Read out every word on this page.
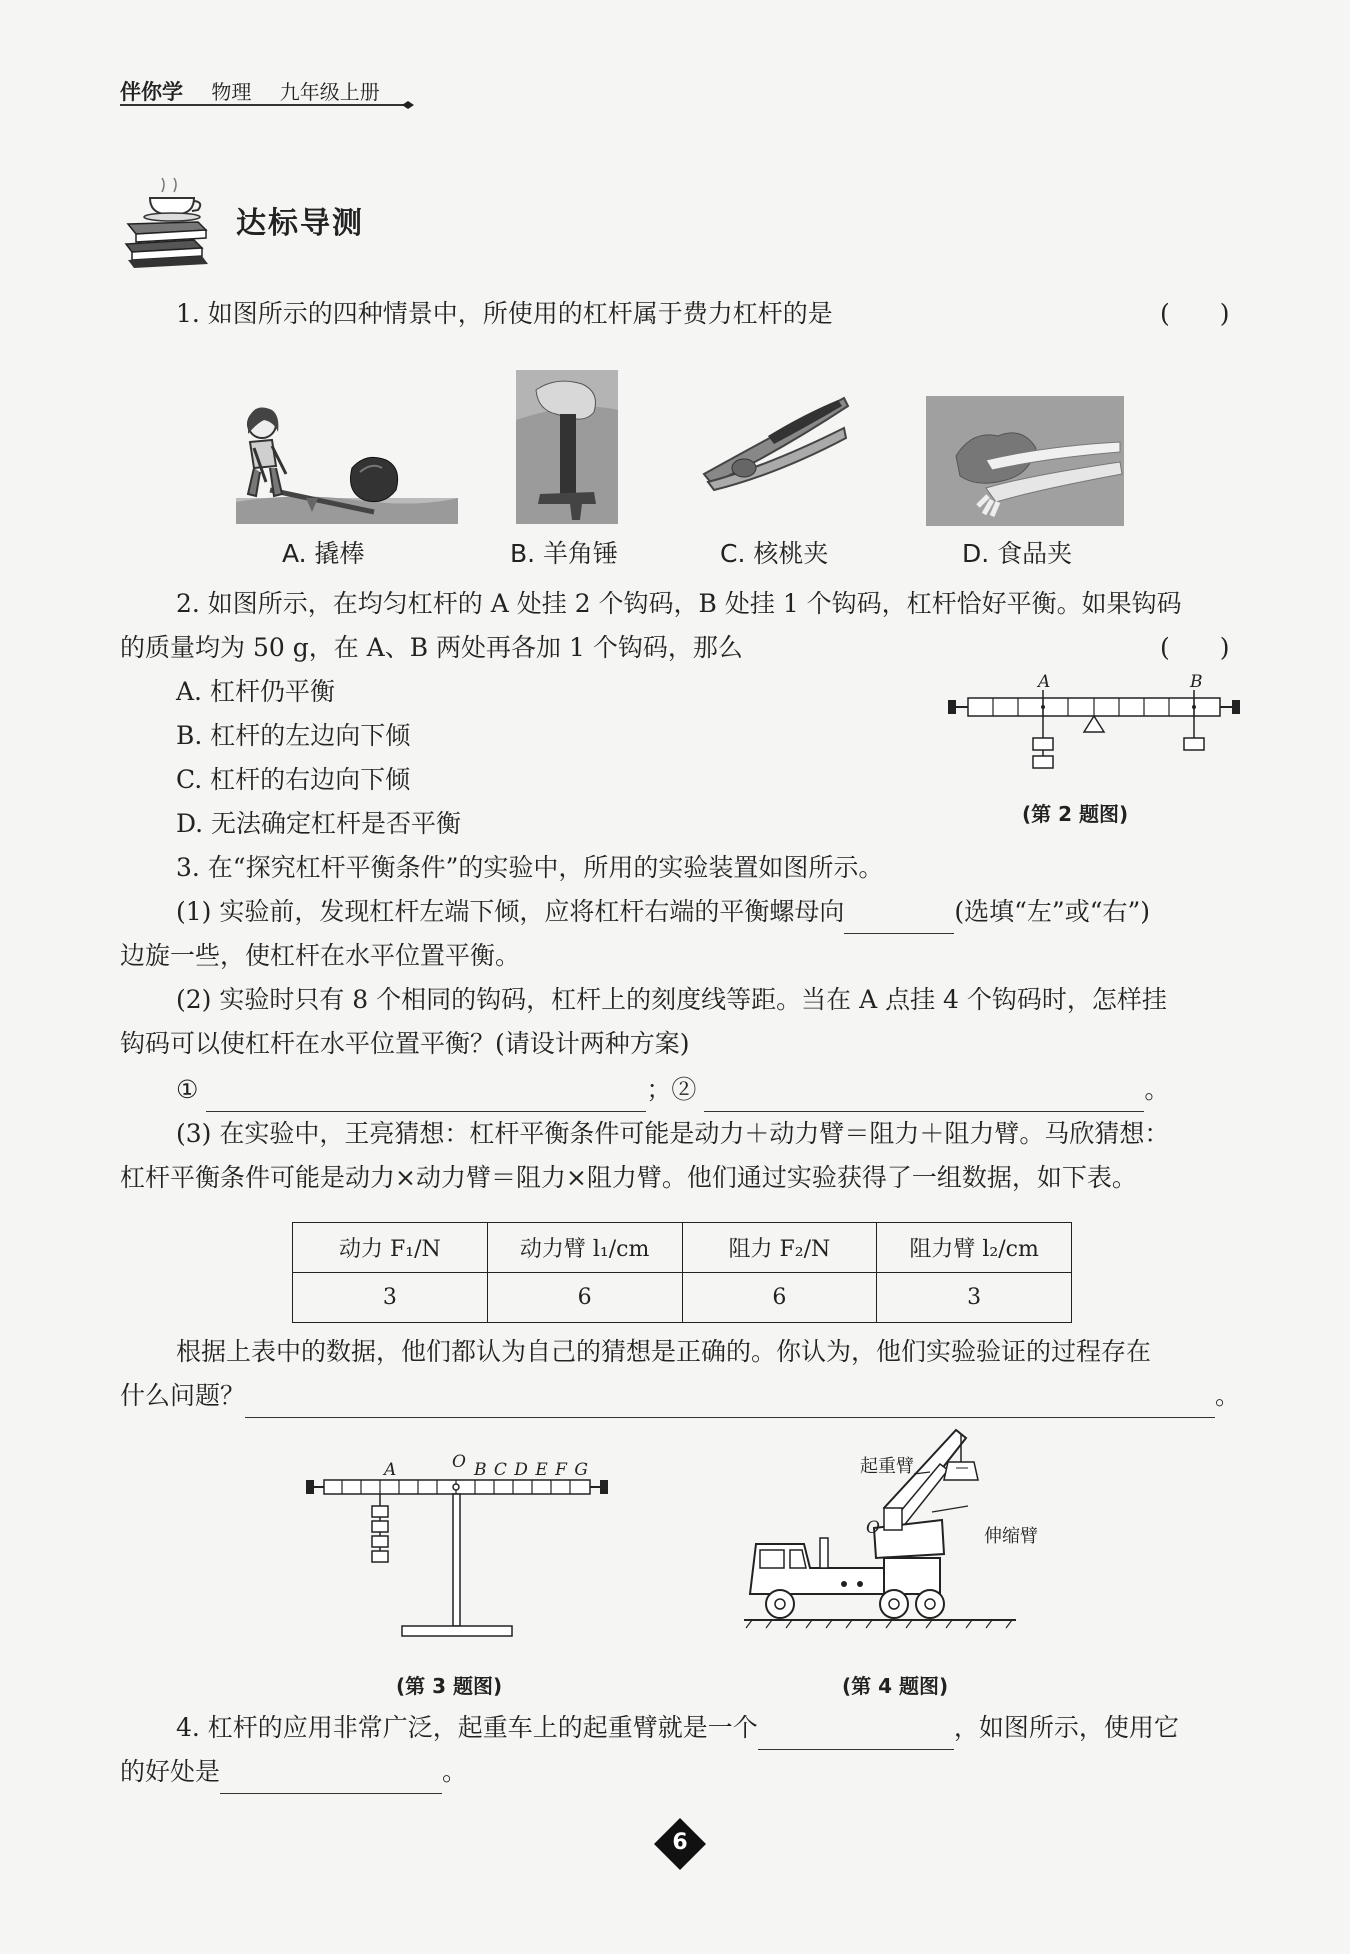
伴你学 物理 九年级上册
达标导测
1. 如图所示的四种情景中，所使用的杠杆属于费力杠杆的是	(　　)
A. 撬棒	B. 羊角锤	C. 核桃夹	D. 食品夹
2. 如图所示，在均匀杠杆的 A 处挂 2 个钩码，B 处挂 1 个钩码，杠杆恰好平衡。如果钩码
的质量均为 50 g，在 A、B 两处再各加 1 个钩码，那么	(　　)
A. 杠杆仍平衡
B. 杠杆的左边向下倾
C. 杠杆的右边向下倾
D. 无法确定杠杆是否平衡
A	B
(第 2 题图)
3. 在“探究杠杆平衡条件”的实验中，所用的实验装置如图所示。
(1) 实验前，发现杠杆左端下倾，应将杠杆右端的平衡螺母向	(选填“左”或“右”)
边旋一些，使杠杆在水平位置平衡。
(2) 实验时只有 8 个相同的钩码，杠杆上的刻度线等距。当在 A 点挂 4 个钩码时，怎样挂
钩码可以使杠杆在水平位置平衡？(请设计两种方案)
①	；②	。
(3) 在实验中，王亮猜想：杠杆平衡条件可能是动力＋动力臂＝阻力＋阻力臂。马欣猜想：
杠杆平衡条件可能是动力×动力臂＝阻力×阻力臂。他们通过实验获得了一组数据，如下表。
动力 F₁/N	动力臂 l₁/cm	阻力 F₂/N	阻力臂 l₂/cm
3	6	6	3
根据上表中的数据，他们都认为自己的猜想是正确的。你认为，他们实验验证的过程存在
什么问题？	。
A	O B C D E F G
(第 3 题图)
起重臂
伸缩臂
O
(第 4 题图)
4. 杠杆的应用非常广泛，起重车上的起重臂就是一个	，如图所示，使用它
的好处是	。
6
